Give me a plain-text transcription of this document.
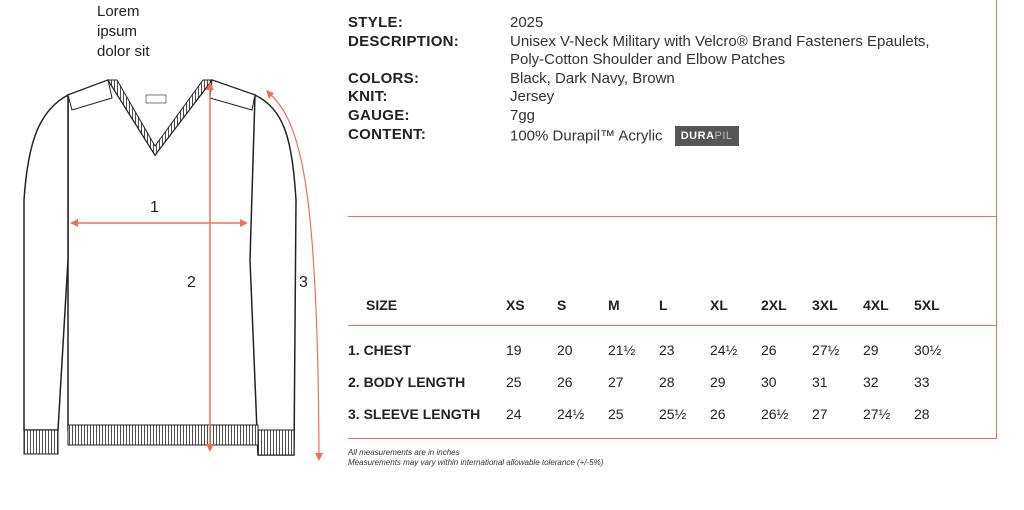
Lorem
ipsum
dolor sit
1
2	3
STYLE:	2025
DESCRIPTION:	Unisex V-Neck Military with Velcro® Brand Fasteners Epaulets,
Poly-Cotton Shoulder and Elbow Patches
COLORS:	Black, Dark Navy, Brown
KNIT:	Jersey
GAUGE:	7gg
CONTENT:	100% Durapil™ Acrylic DURAPIL
SIZE	XS	S	M	L	XL	2XL	3XL	4XL	5XL
1. CHEST	19	20	21½	23	24½	26	27½	29	30½
2. BODY LENGTH	25	26	27	28	29	30	31	32	33
3. SLEEVE LENGTH	24	24½	25	25½	26	26½	27	27½	28
All measurements are in inches
Measurements may vary within international allowable tolerance (+/-5%)
